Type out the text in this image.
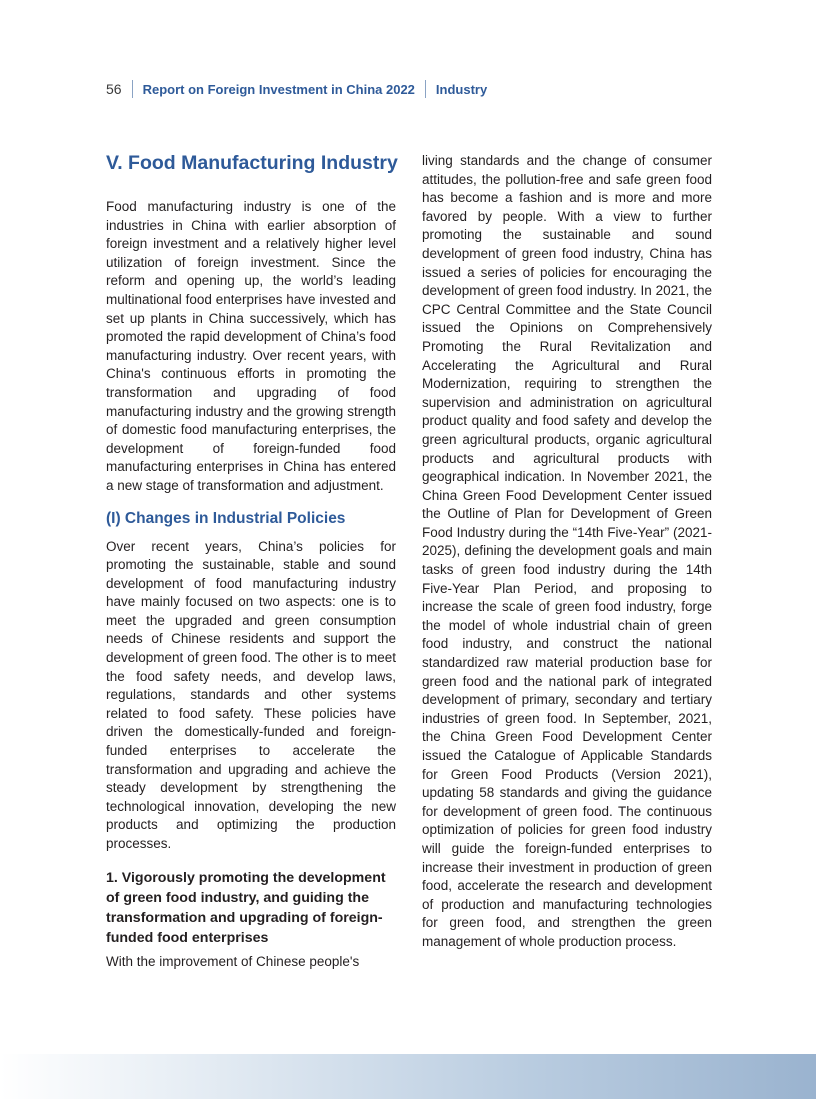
56 Report on Foreign Investment in China 2022 Industry
V. Food Manufacturing Industry

Food manufacturing industry is one of the industries in China with earlier absorption of foreign investment and a relatively higher level utilization of foreign investment. Since the reform and opening up, the world’s leading multinational food enterprises have invested and set up plants in China successively, which has promoted the rapid development of China’s food manufacturing industry. Over recent years, with China's continuous efforts in promoting the transformation and upgrading of food manufacturing industry and the growing strength of domestic food manufacturing enterprises, the development of foreign-funded food manufacturing enterprises in China has entered a new stage of transformation and adjustment.

(I) Changes in Industrial Policies

Over recent years, China’s policies for promoting the sustainable, stable and sound development of food manufacturing industry have mainly focused on two aspects: one is to meet the upgraded and green consumption needs of Chinese residents and support the development of green food. The other is to meet the food safety needs, and develop laws, regulations, standards and other systems related to food safety. These policies have driven the domestically-funded and foreign-funded enterprises to accelerate the transformation and upgrading and achieve the steady development by strengthening the technological innovation, developing the new products and optimizing the production processes.

1. Vigorously promoting the development of green food industry, and guiding the transformation and upgrading of foreign-funded food enterprises

With the improvement of Chinese people's

living standards and the change of consumer attitudes, the pollution-free and safe green food has become a fashion and is more and more favored by people. With a view to further promoting the sustainable and sound development of green food industry, China has issued a series of policies for encouraging the development of green food industry. In 2021, the CPC Central Committee and the State Council issued the Opinions on Comprehensively Promoting the Rural Revitalization and Accelerating the Agricultural and Rural Modernization, requiring to strengthen the supervision and administration on agricultural product quality and food safety and develop the green agricultural products, organic agricultural products and agricultural products with geographical indication. In November 2021, the China Green Food Development Center issued the Outline of Plan for Development of Green Food Industry during the “14th Five-Year” (2021-2025), defining the development goals and main tasks of green food industry during the 14th Five-Year Plan Period, and proposing to increase the scale of green food industry, forge the model of whole industrial chain of green food industry, and construct the national standardized raw material production base for green food and the national park of integrated development of primary, secondary and tertiary industries of green food. In September, 2021, the China Green Food Development Center issued the Catalogue of Applicable Standards for Green Food Products (Version 2021), updating 58 standards and giving the guidance for development of green food. The continuous optimization of policies for green food industry will guide the foreign-funded enterprises to increase their investment in production of green food, accelerate the research and development of production and manufacturing technologies for green food, and strengthen the green management of whole production process.
